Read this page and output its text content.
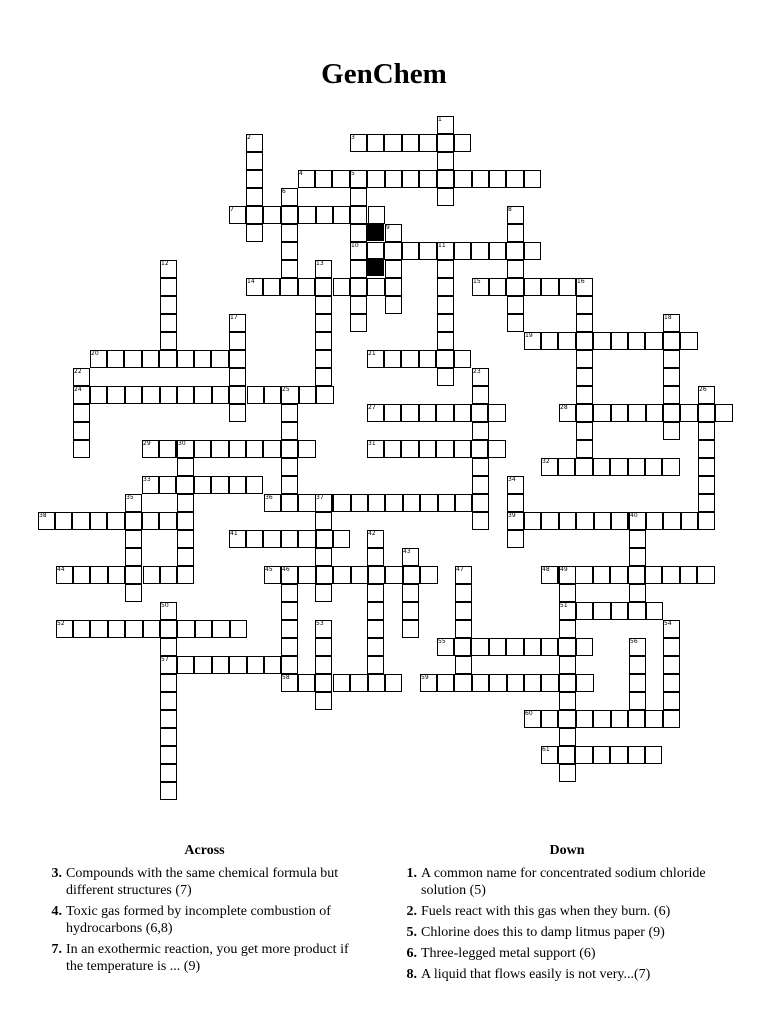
GenChem
1
2	3
4	5
6
7	8
9
10	11
12	13
14	15	16
17	18
19
20	21
22	23
24	25	26
27	28
29	30	31
32
33	34
35	36	37
38	39	40
41	42
43
44	45 46	47	48 49
50	51
52	53	54
55	56
57
58	59
60
61
Across
3. Compounds with the same chemical formula but different structures (7)
4. Toxic gas formed by incomplete combustion of hydrocarbons (6,8)
7. In an exothermic reaction, you get more product if the temperature is ... (9)
Down
1. A common name for concentrated sodium chloride solution (5)
2. Fuels react with this gas when they burn. (6)
5. Chlorine does this to damp litmus paper (9)
6. Three-legged metal support (6)
8. A liquid that flows easily is not very...(7)
